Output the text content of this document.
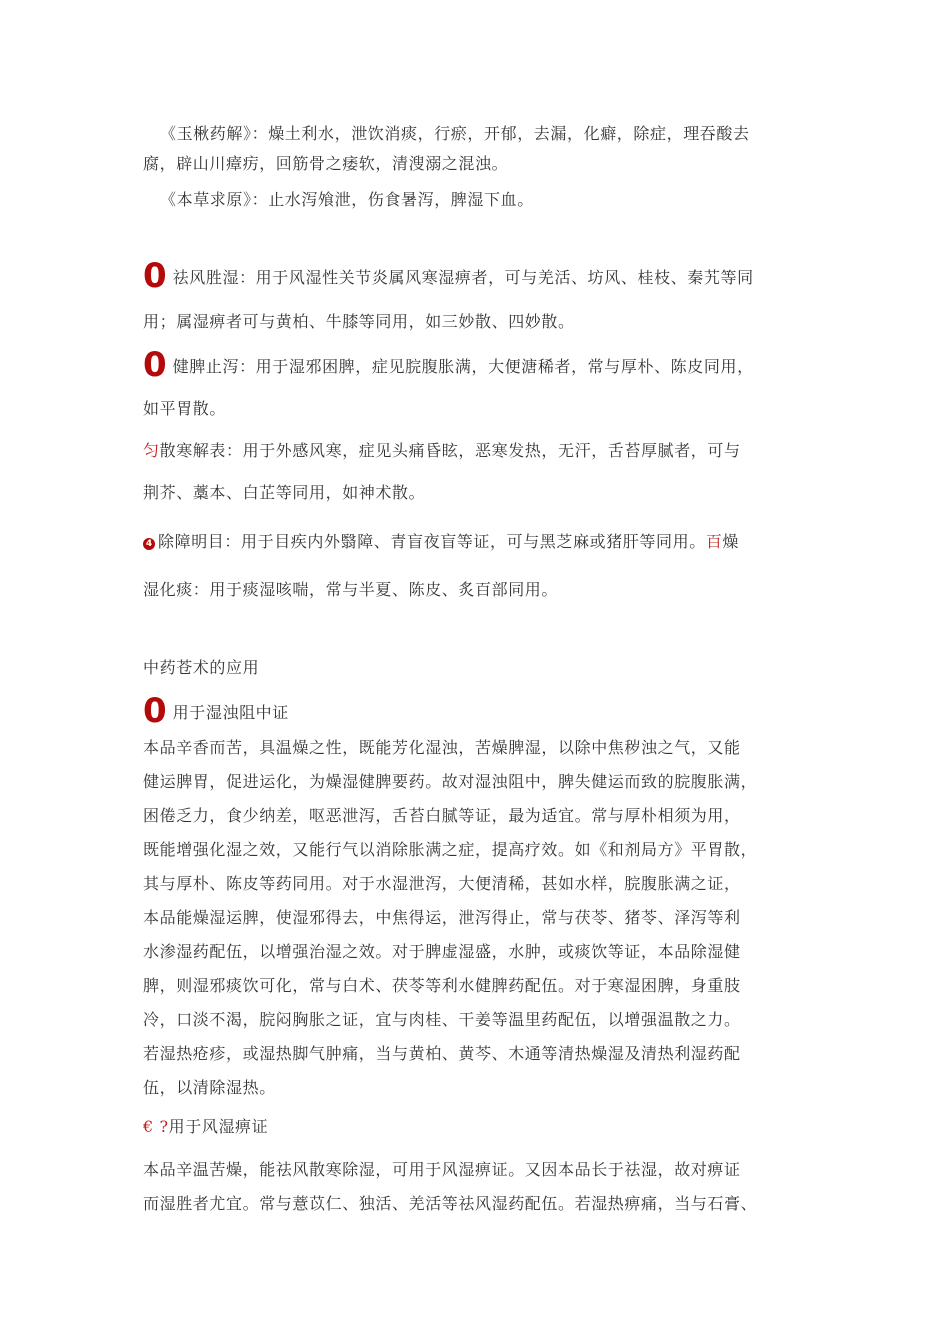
《玉楸药解》：燥土利水，泄饮消痰，行瘀，开郁，去漏，化癖，除症，理吞酸去
腐，辟山川瘴疠，回筋骨之痿软，清溲溺之混浊。
《本草求原》：止水泻飧泄，伤食暑泻，脾湿下血。
0 祛风胜湿：用于风湿性关节炎属风寒湿痹者，可与羌活、坊风、桂枝、秦艽等同
用；属湿痹者可与黄柏、牛膝等同用，如三妙散、四妙散。
0 健脾止泻：用于湿邪困脾，症见脘腹胀满，大便溏稀者，常与厚朴、陈皮同用，
如平胃散。
匀散寒解表：用于外感风寒，症见头痛昏眩，恶寒发热，无汗，舌苔厚腻者，可与
荆芥、藁本、白芷等同用，如神术散。
4 除障明目：用于目疾内外翳障、青盲夜盲等证，可与黑芝麻或猪肝等同用。百燥
湿化痰：用于痰湿咳喘，常与半夏、陈皮、炙百部同用。
中药苍术的应用
0 用于湿浊阻中证
本品辛香而苦，具温燥之性，既能芳化湿浊，苦燥脾湿，以除中焦秽浊之气，又能
健运脾胃，促进运化，为燥湿健脾要药。故对湿浊阻中，脾失健运而致的脘腹胀满，
困倦乏力，食少纳差，呕恶泄泻，舌苔白腻等证，最为适宜。常与厚朴相须为用，
既能增强化湿之效，又能行气以消除胀满之症，提高疗效。如《和剂局方》平胃散，
其与厚朴、陈皮等药同用。对于水湿泄泻，大便清稀，甚如水样，脘腹胀满之证，
本品能燥湿运脾，使湿邪得去，中焦得运，泄泻得止，常与茯苓、猪苓、泽泻等利
水渗湿药配伍，以增强治湿之效。对于脾虚湿盛，水肿，或痰饮等证，本品除湿健
脾，则湿邪痰饮可化，常与白术、茯苓等利水健脾药配伍。对于寒湿困脾，身重肢
冷，口淡不渴，脘闷胸胀之证，宜与肉桂、干姜等温里药配伍，以增强温散之力。
若湿热疮疹，或湿热脚气肿痛，当与黄柏、黄芩、木通等清热燥湿及清热利湿药配
伍，以清除湿热。
€ ?用于风湿痹证
本品辛温苦燥，能祛风散寒除湿，可用于风湿痹证。又因本品长于祛湿，故对痹证
而湿胜者尤宜。常与薏苡仁、独活、羌活等祛风湿药配伍。若湿热痹痛，当与石膏、
